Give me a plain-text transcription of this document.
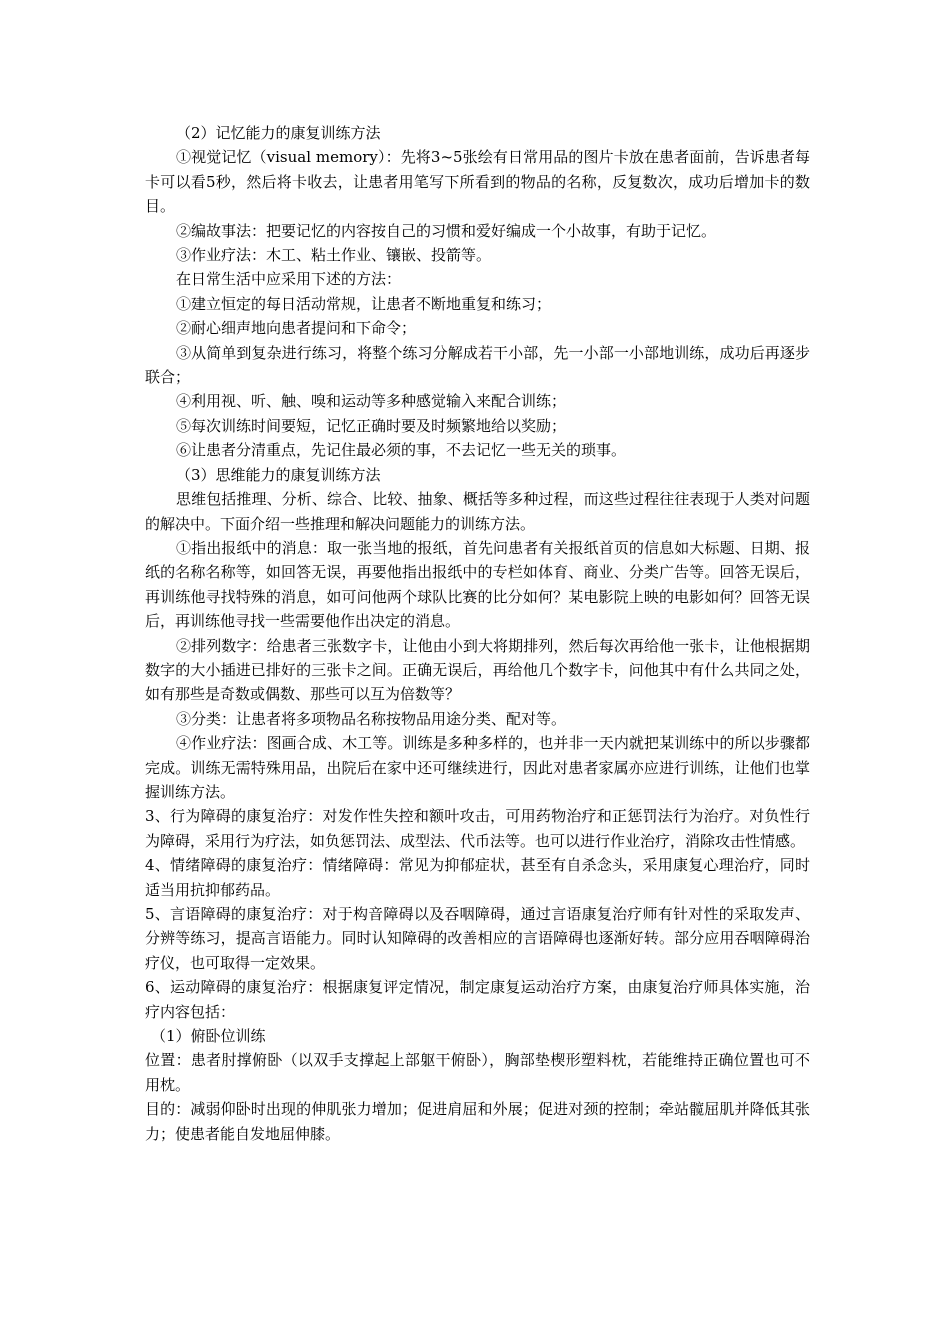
（2）记忆能力的康复训练方法

①视觉记忆（visual memory）：先将3~5张绘有日常用品的图片卡放在患者面前，告诉患者每卡可以看5秒，然后将卡收去，让患者用笔写下所看到的物品的名称，反复数次，成功后增加卡的数目。

②编故事法：把要记忆的内容按自己的习惯和爱好编成一个小故事，有助于记忆。

③作业疗法：木工、粘土作业、镶嵌、投箭等。

在日常生活中应采用下述的方法：

①建立恒定的每日活动常规，让患者不断地重复和练习；

②耐心细声地向患者提问和下命令；

③从简单到复杂进行练习，将整个练习分解成若干小部，先一小部一小部地训练，成功后再逐步联合；

④利用视、听、触、嗅和运动等多种感觉输入来配合训练；

⑤每次训练时间要短，记忆正确时要及时频繁地给以奖励；

⑥让患者分清重点，先记住最必须的事，不去记忆一些无关的琐事。

（3）思维能力的康复训练方法

思维包括推理、分析、综合、比较、抽象、概括等多种过程，而这些过程往往表现于人类对问题的解决中。下面介绍一些推理和解决问题能力的训练方法。

①指出报纸中的消息：取一张当地的报纸，首先问患者有关报纸首页的信息如大标题、日期、报纸的名称名称等，如回答无误，再要他指出报纸中的专栏如体育、商业、分类广告等。回答无误后，再训练他寻找特殊的消息，如可问他两个球队比赛的比分如何？某电影院上映的电影如何？回答无误后，再训练他寻找一些需要他作出决定的消息。

②排列数字：给患者三张数字卡，让他由小到大将期排列，然后每次再给他一张卡，让他根据期数字的大小插进已排好的三张卡之间。正确无误后，再给他几个数字卡，问他其中有什么共同之处，如有那些是奇数或偶数、那些可以互为倍数等？

③分类：让患者将多项物品名称按物品用途分类、配对等。

④作业疗法：图画合成、木工等。训练是多种多样的，也并非一天内就把某训练中的所以步骤都完成。训练无需特殊用品，出院后在家中还可继续进行，因此对患者家属亦应进行训练，让他们也掌握训练方法。

3、行为障碍的康复治疗：对发作性失控和额叶攻击，可用药物治疗和正惩罚法行为治疗。对负性行为障碍，采用行为疗法，如负惩罚法、成型法、代币法等。也可以进行作业治疗，消除攻击性情感。

4、情绪障碍的康复治疗：情绪障碍：常见为抑郁症状，甚至有自杀念头，采用康复心理治疗，同时适当用抗抑郁药品。

5、言语障碍的康复治疗：对于构音障碍以及吞咽障碍，通过言语康复治疗师有针对性的采取发声、分辨等练习，提高言语能力。同时认知障碍的改善相应的言语障碍也逐渐好转。部分应用吞咽障碍治疗仪，也可取得一定效果。

6、运动障碍的康复治疗：根据康复评定情况，制定康复运动治疗方案，由康复治疗师具体实施，治疗内容包括：

（1）俯卧位训练

位置：患者肘撑俯卧（以双手支撑起上部躯干俯卧），胸部垫楔形塑料枕，若能维持正确位置也可不用枕。

目的：减弱仰卧时出现的伸肌张力增加；促进肩屈和外展；促进对颈的控制；牵站髋屈肌并降低其张力；使患者能自发地屈伸膝。
